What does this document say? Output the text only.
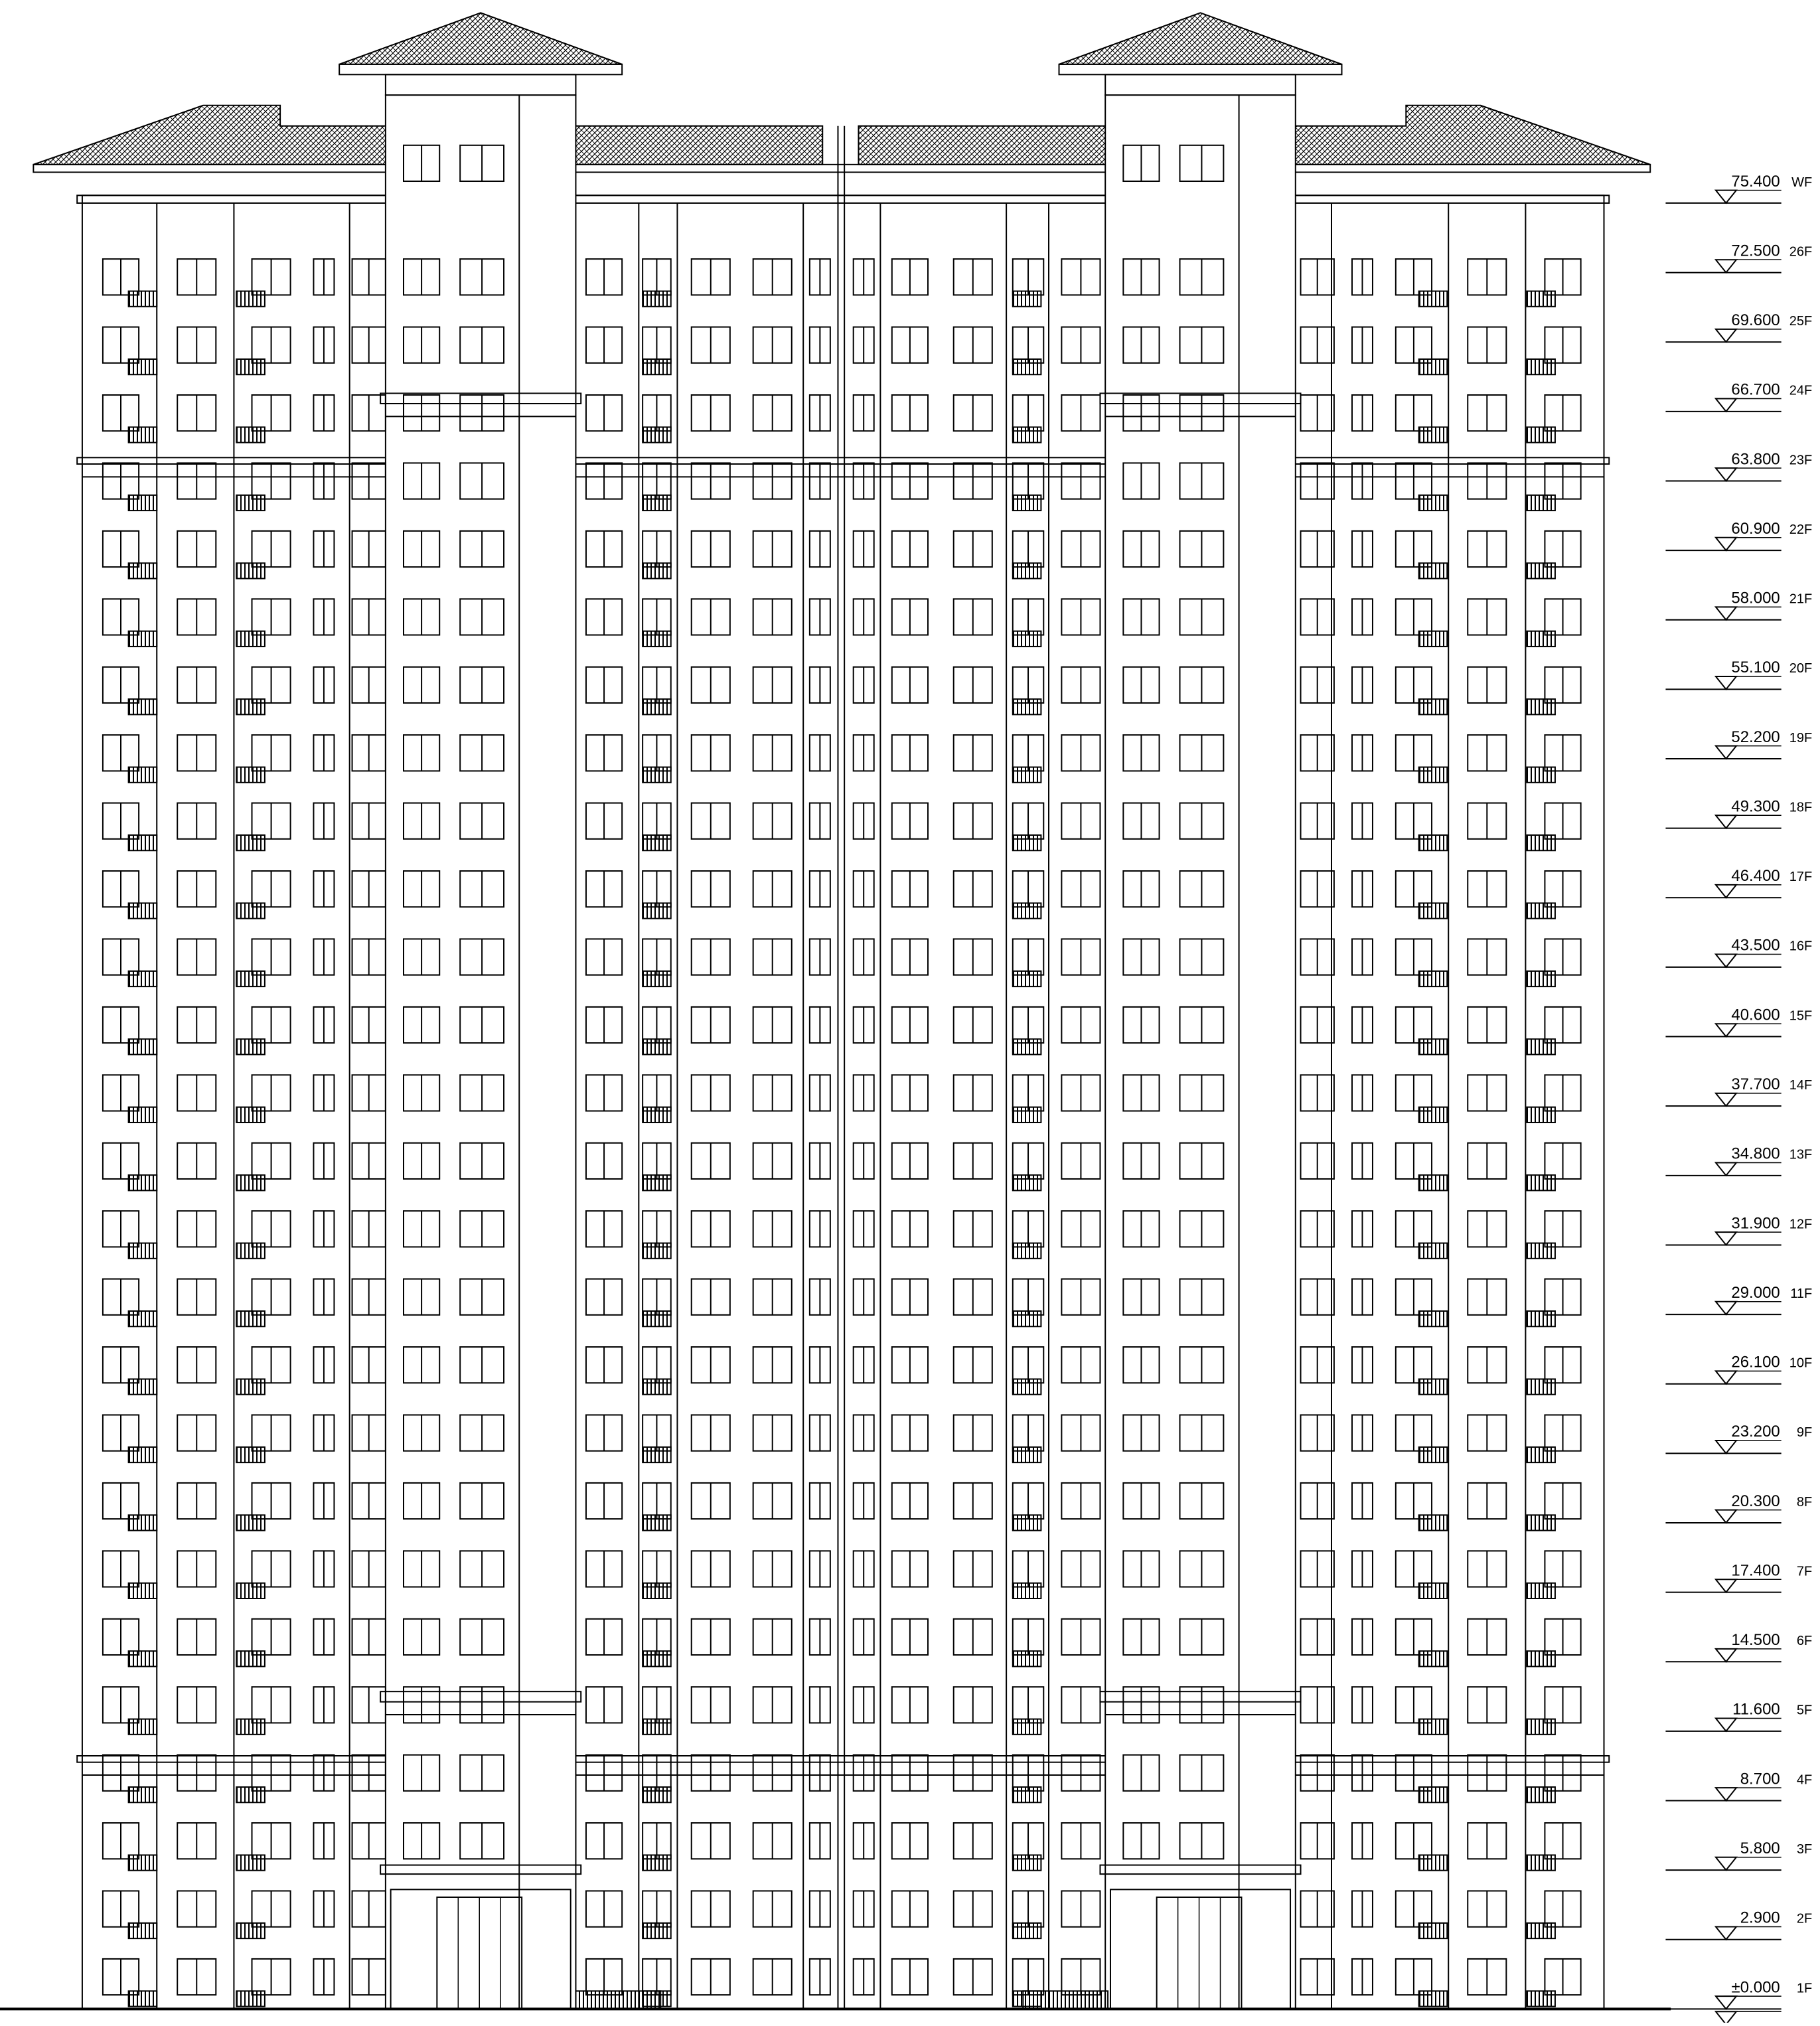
75.400 WF
72.500 26F
69.600 25F
66.700 24F
63.800 23F
60.900 22F
58.000 21F
55.100 20F
52.200 19F
49.300 18F
46.400 17F
43.500 16F
40.600 15F
37.700 14F
34.800 13F
31.900 12F
29.000 11F
26.100 10F
23.200 9F
20.300 8F
17.400 7F
14.500 6F
11.600 5F
8.700 4F
5.800 3F
2.900 2F
±0.000 1F
